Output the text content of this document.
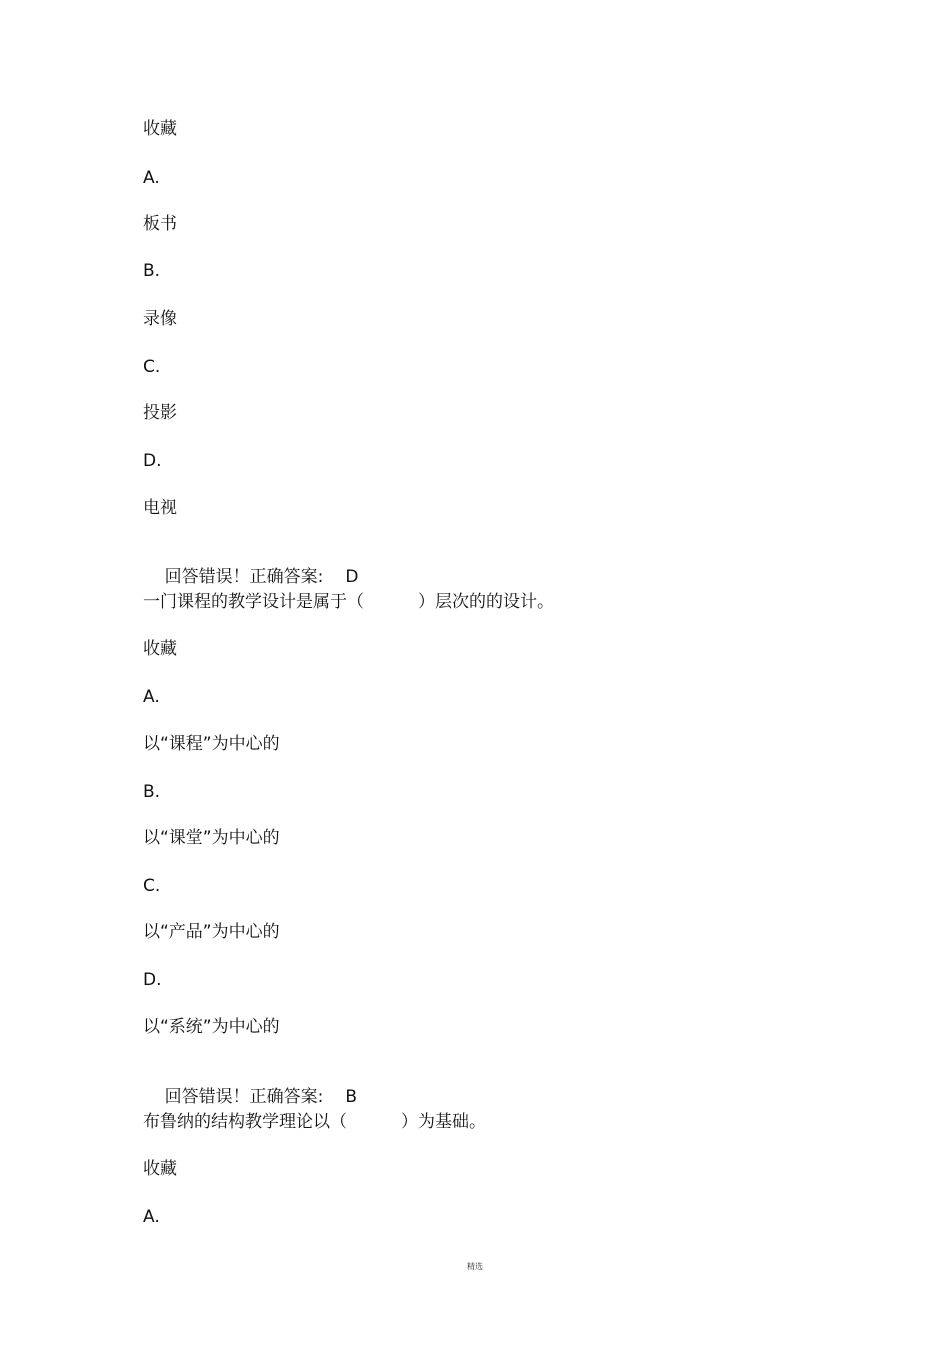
收藏
A.
板书
B.
录像
C.
投影
D.
电视

回答错误！正确答案: D

一门课程的教学设计是属于（          ）层次的的设计。
收藏
A.
以“课程”为中心的
B.
以“课堂”为中心的
C.
以“产品”为中心的
D.
以“系统”为中心的

回答错误！正确答案: B

布鲁纳的结构教学理论以（          ）为基础。
收藏
A.
精选
